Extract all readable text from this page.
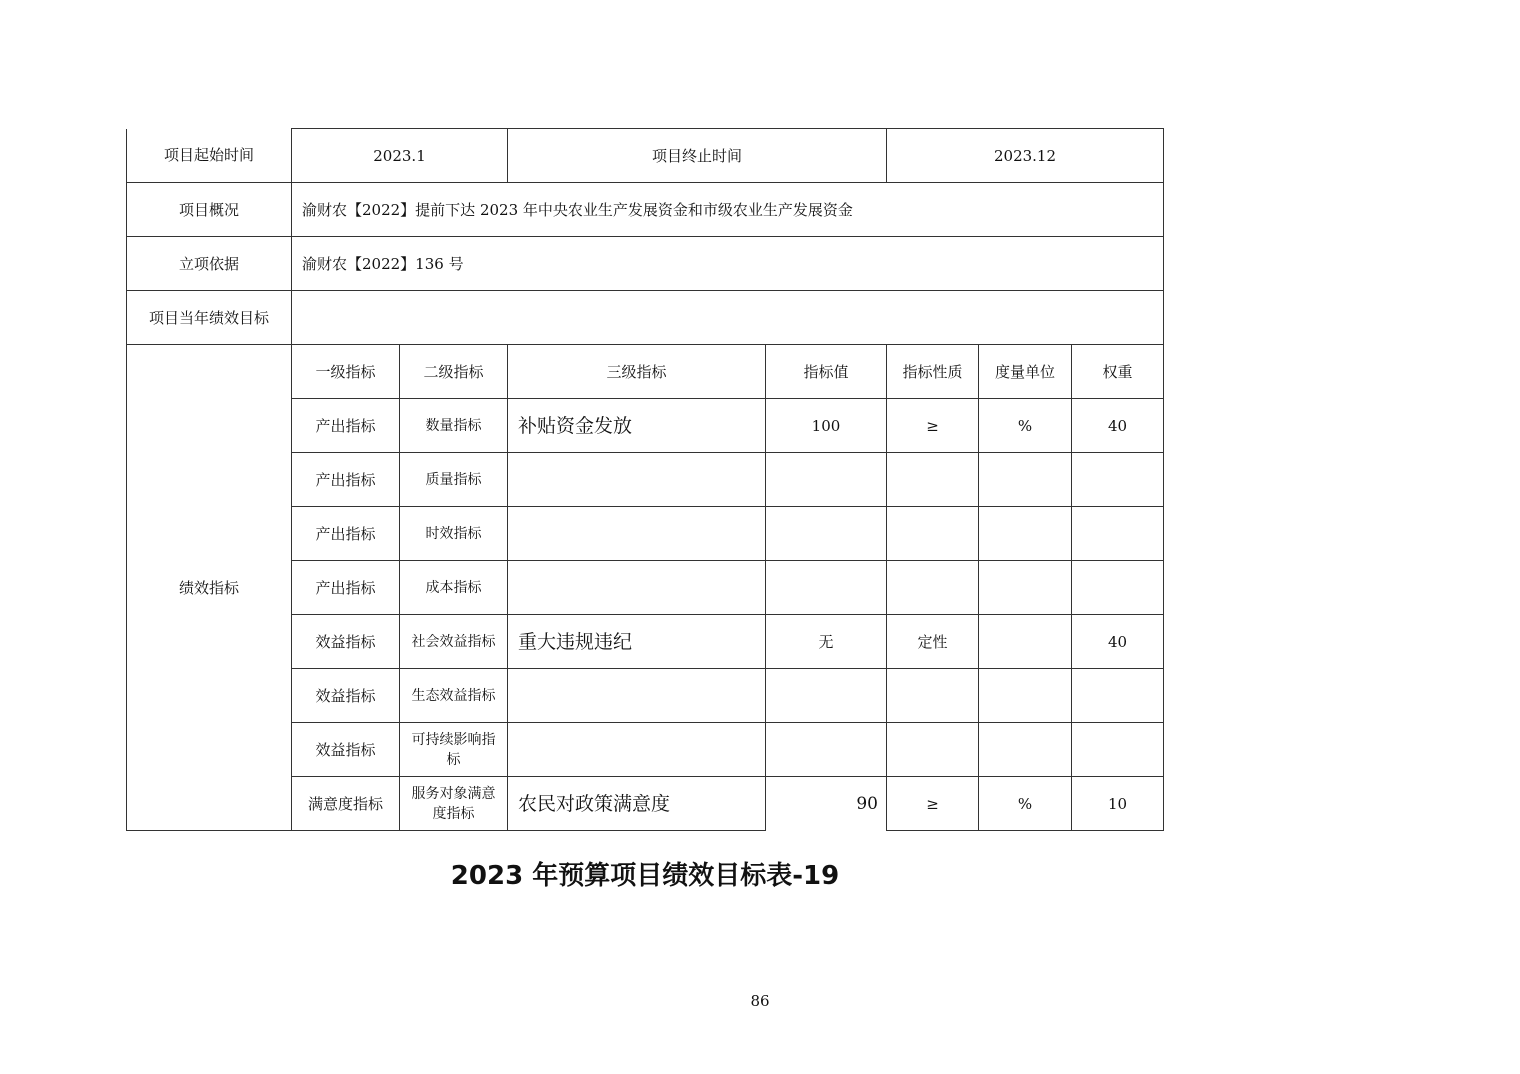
项目起始时间	2023.1		项目终止时间		2023.12		
项目概况	渝财农【2022】提前下达 2023 年中央农业生产发展资金和市级农业生产发展资金						
立项依据	渝财农【2022】136 号						
项目当年绩效目标							
绩效指标	一级指标	二级指标	三级指标	指标值	指标性质	度量单位	权重
	产出指标	数量指标	补贴资金发放	100	≥	%	40
	产出指标	质量指标					
	产出指标	时效指标					
	产出指标	成本指标					
	效益指标	社会效益指标	重大违规违纪	无	定性		40
	效益指标	生态效益指标					
	效益指标	可持续影响指标					
	满意度指标	服务对象满意度指标	农民对政策满意度	90	≥	%	10
2023 年预算项目绩效目标表-19
86
